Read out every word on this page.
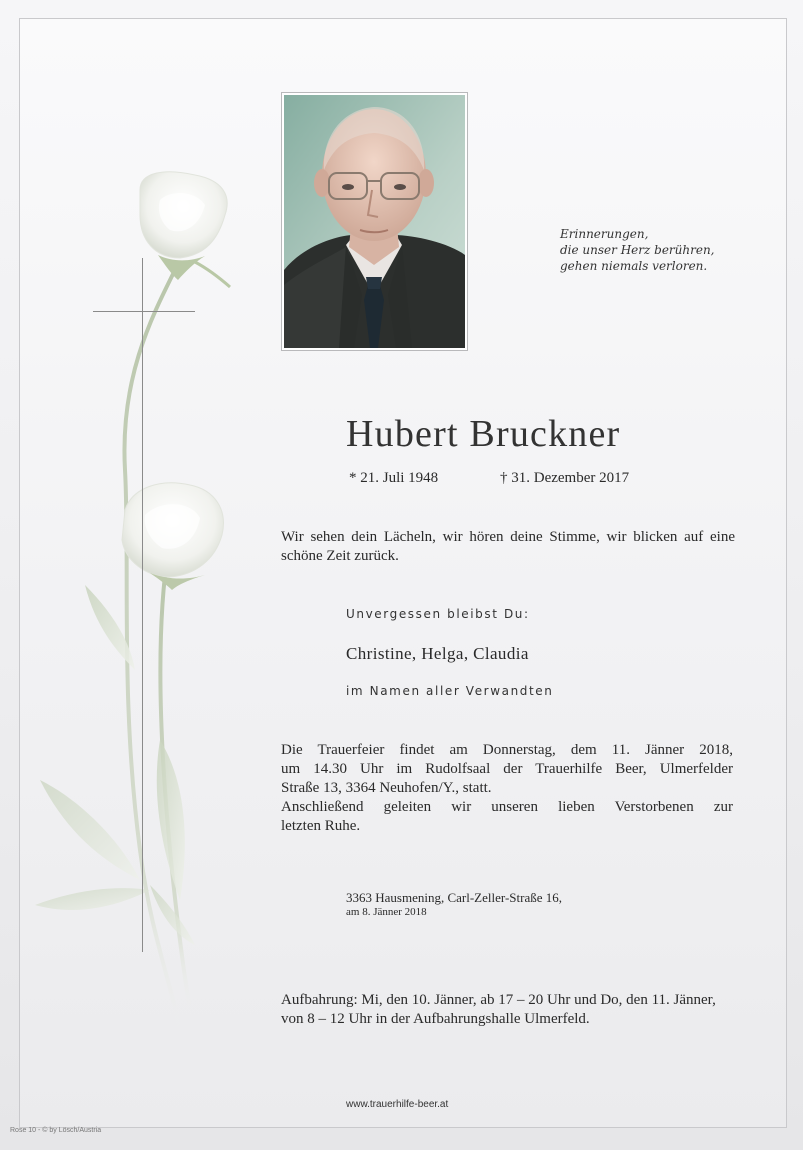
Erinnerungen,
die unser Herz berühren,
gehen niemals verloren.
Hubert Bruckner
* 21. Juli 1948	† 31. Dezember 2017
Wir sehen dein Lächeln, wir hören deine Stimme, wir blicken auf eine schöne Zeit zurück.
Unvergessen bleibst Du:
Christine, Helga, Claudia
im Namen aller Verwandten
Die Trauerfeier findet am Donnerstag, dem 11. Jänner 2018,
um 14.30 Uhr im Rudolfsaal der Trauerhilfe Beer, Ulmerfelder
Straße 13, 3364 Neuhofen/Y., statt.
Anschließend geleiten wir unseren lieben Verstorbenen zur
letzten Ruhe.
3363 Hausmening, Carl-Zeller-Straße 16,
am 8. Jänner 2018
Aufbahrung: Mi, den 10. Jänner, ab 17 – 20 Uhr und Do, den 11. Jänner, von 8 – 12 Uhr in der Aufbahrungshalle Ulmerfeld.
www.trauerhilfe-beer.at
Rose 10 - © by Lösch/Austria
